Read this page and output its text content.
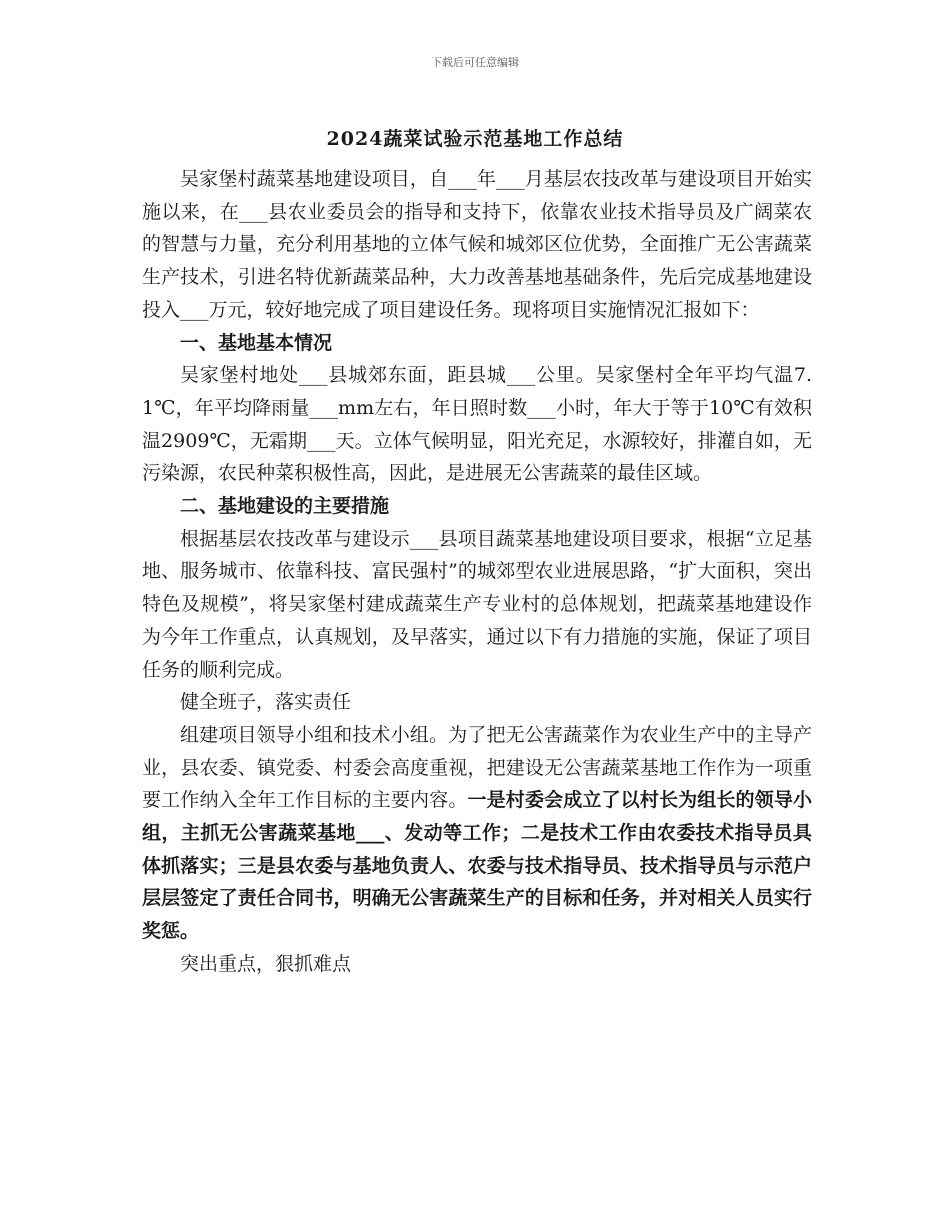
下载后可任意编辑
2024蔬菜试验示范基地工作总结

吴家堡村蔬菜基地建设项目，自___年___月基层农技改革与建设项目开始实施以来，在___县农业委员会的指导和支持下，依靠农业技术指导员及广阔菜农的智慧与力量，充分利用基地的立体气候和城郊区位优势，全面推广无公害蔬菜生产技术，引进名特优新蔬菜品种，大力改善基地基础条件，先后完成基地建设投入___万元，较好地完成了项目建设任务。现将项目实施情况汇报如下：

一、基地基本情况

吴家堡村地处___县城郊东面，距县城___公里。吴家堡村全年平均气温7.1℃，年平均降雨量___mm左右，年日照时数___小时，年大于等于10℃有效积温2909℃，无霜期___天。立体气候明显，阳光充足，水源较好，排灌自如，无污染源，农民种菜积极性高，因此，是进展无公害蔬菜的最佳区域。

二、基地建设的主要措施

根据基层农技改革与建设示___县项目蔬菜基地建设项目要求，根据“立足基地、服务城市、依靠科技、富民强村”的城郊型农业进展思路，“扩大面积，突出特色及规模”，将吴家堡村建成蔬菜生产专业村的总体规划，把蔬菜基地建设作为今年工作重点，认真规划，及早落实，通过以下有力措施的实施，保证了项目任务的顺利完成。

健全班子，落实责任

组建项目领导小组和技术小组。为了把无公害蔬菜作为农业生产中的主导产业，县农委、镇党委、村委会高度重视，把建设无公害蔬菜基地工作作为一项重要工作纳入全年工作目标的主要内容。一是村委会成立了以村长为组长的领导小组，主抓无公害蔬菜基地___、发动等工作；二是技术工作由农委技术指导员具体抓落实；三是县农委与基地负责人、农委与技术指导员、技术指导员与示范户层层签定了责任合同书，明确无公害蔬菜生产的目标和任务，并对相关人员实行奖惩。

突出重点，狠抓难点
